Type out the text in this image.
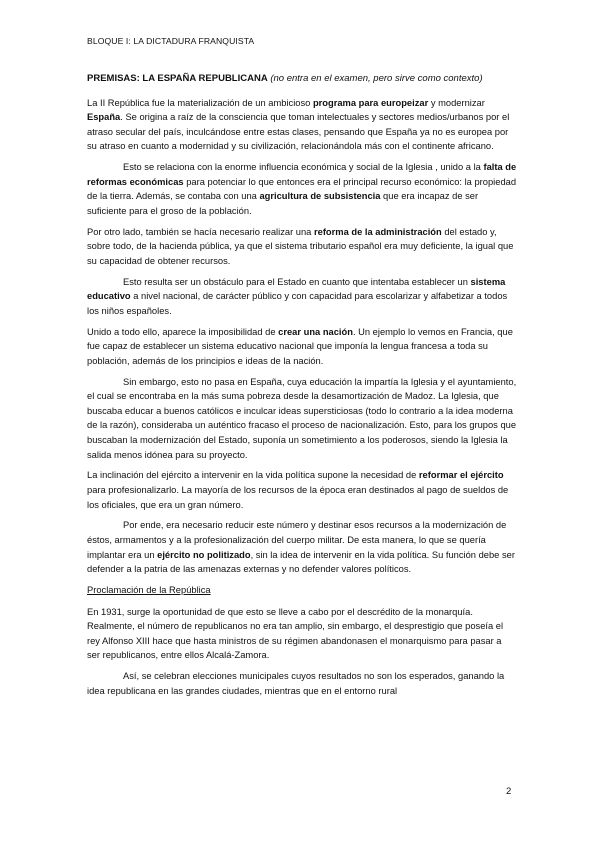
BLOQUE I: LA DICTADURA FRANQUISTA
PREMISAS: LA ESPAÑA REPUBLICANA (no entra en el examen, pero sirve como contexto)

La II República fue la materialización de un ambicioso programa para europeizar y modernizar España. Se origina a raíz de la consciencia que toman intelectuales y sectores medios/urbanos por el atraso secular del país, inculcándose entre estas clases, pensando que España ya no es europea por su atraso en cuanto a modernidad y su civilización, relacionándola más con el continente africano.

Esto se relaciona con la enorme influencia económica y social de la Iglesia , unido a la falta de reformas económicas para potenciar lo que entonces era el principal recurso económico: la propiedad de la tierra. Además, se contaba con una agricultura de subsistencia que era incapaz de ser suficiente para el groso de la población.

Por otro lado, también se hacía necesario realizar una reforma de la administración del estado y, sobre todo, de la hacienda pública, ya que el sistema tributario español era muy deficiente, la igual que su capacidad de obtener recursos.

Esto resulta ser un obstáculo para el Estado en cuanto que intentaba establecer un sistema educativo a nivel nacional, de carácter público y con capacidad para escolarizar y alfabetizar a todos los niños españoles.

Unido a todo ello, aparece la imposibilidad de crear una nación. Un ejemplo lo vemos en Francia, que fue capaz de establecer un sistema educativo nacional que imponía la lengua francesa a toda su población, además de los principios e ideas de la nación.

Sin embargo, esto no pasa en España, cuya educación la impartía la Iglesia y el ayuntamiento, el cual se encontraba en la más suma pobreza desde la desamortización de Madoz. La Iglesia, que buscaba educar a buenos católicos e inculcar ideas supersticiosas (todo lo contrario a la idea moderna de la razón), consideraba un auténtico fracaso el proceso de nacionalización. Esto, para los grupos que buscaban la modernización del Estado, suponía un sometimiento a los poderosos, siendo la Iglesia la salida menos idónea para su proyecto.

La inclinación del ejército a intervenir en la vida política supone la necesidad de reformar el ejército para profesionalizarlo. La mayoría de los recursos de la época eran destinados al pago de sueldos de los oficiales, que era un gran número.

Por ende, era necesario reducir este número y destinar esos recursos a la modernización de éstos, armamentos y a la profesionalización del cuerpo militar. De esta manera, lo que se quería implantar era un ejército no politizado, sin la idea de intervenir en la vida política. Su función debe ser defender a la patria de las amenazas externas y no defender valores políticos.

Proclamación de la República

En 1931, surge la oportunidad de que esto se lleve a cabo por el descrédito de la monarquía. Realmente, el número de republicanos no era tan amplio, sin embargo, el desprestigio que poseía el rey Alfonso XIII hace que hasta ministros de su régimen abandonasen el monarquismo para pasar a ser republicanos, entre ellos Alcalá-Zamora.

Así, se celebran elecciones municipales cuyos resultados no son los esperados, ganando la idea republicana en las grandes ciudades, mientras que en el entorno rural

2
